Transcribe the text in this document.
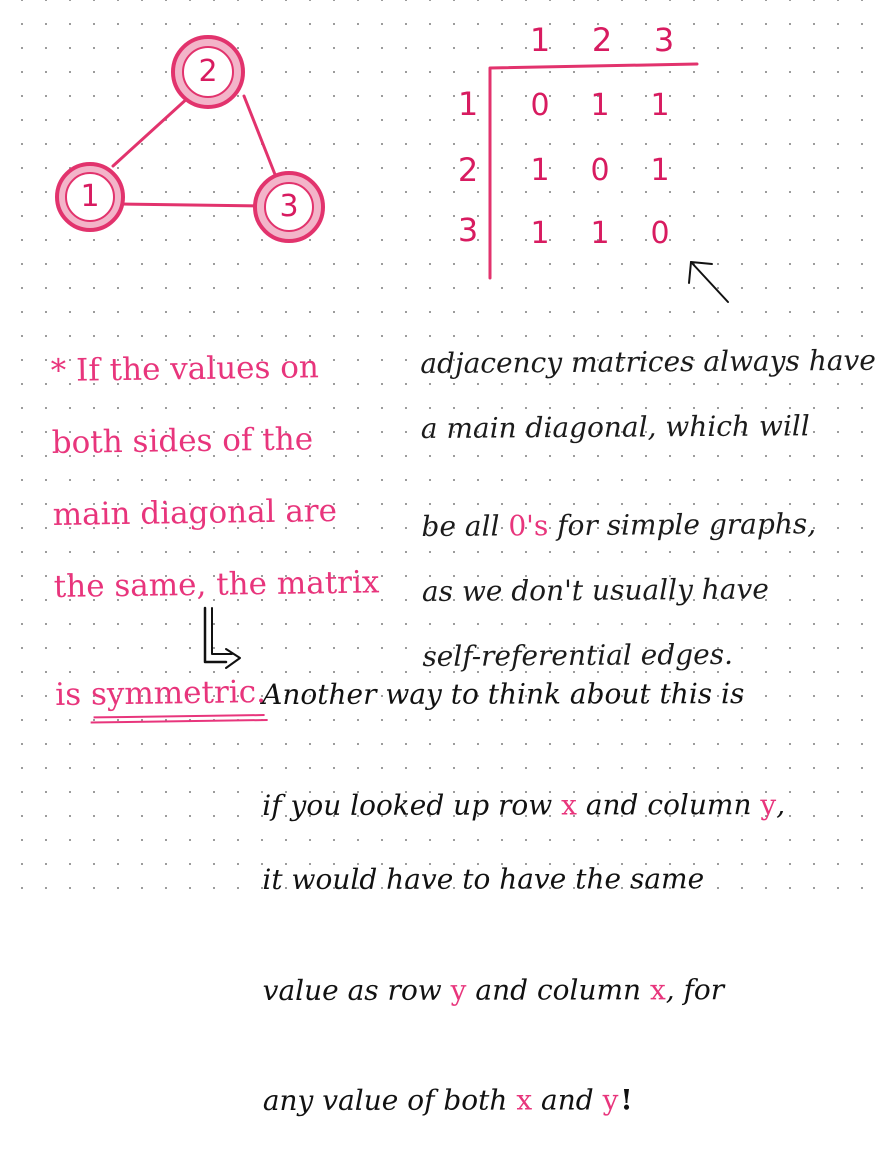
2
1	3
1 2 3
1
2
3
0 1 1
1 0 1
1 1 0

* If the values on

both sides of the

main diagonal are

the same, the matrix

is symmetric.

adjacency matrices always have

a main diagonal, which will

be all 0's for simple graphs,

as we don't usually have

self-referential edges.

Another way to think about this is

if you looked up row x and column y,

it would have to have the same

value as row y and column x, for

any value of both x and y!
